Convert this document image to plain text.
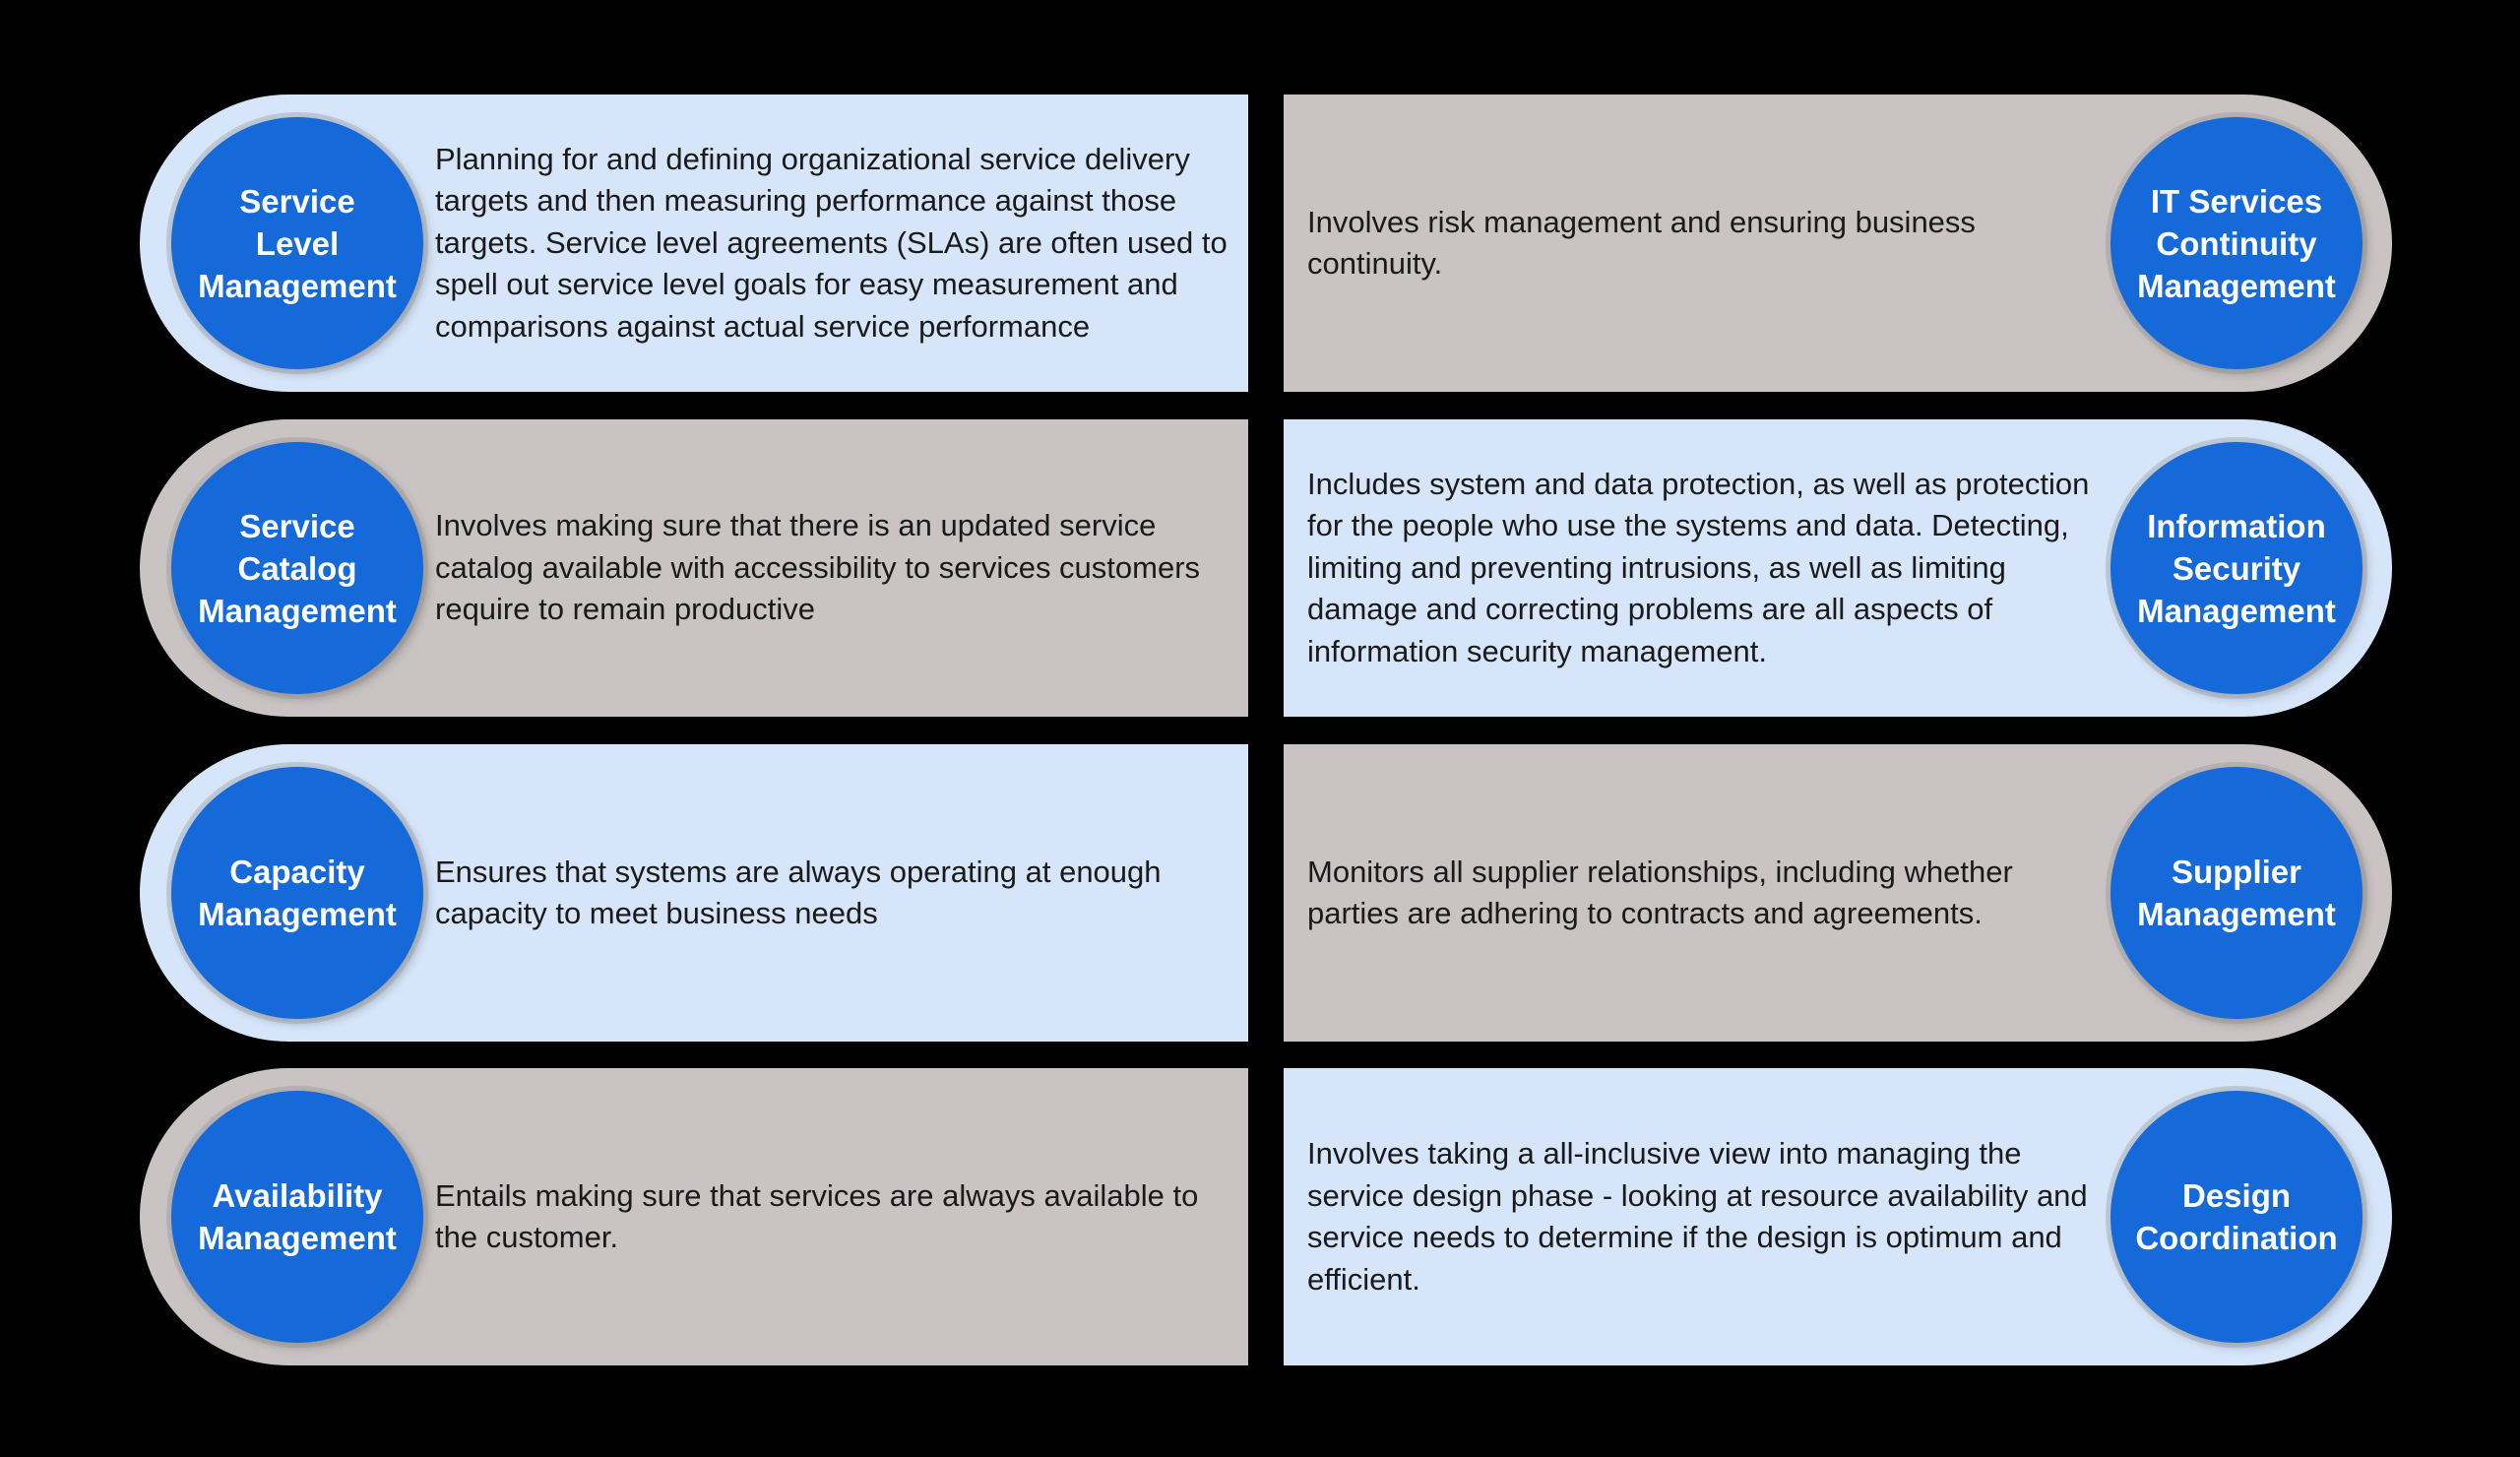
Service
Level
Management
Planning for and defining organizational service delivery targets and then measuring performance against those targets. Service level agreements (SLAs) are often used to spell out service level goals for easy measurement and comparisons against actual service performance
Involves risk management and ensuring business continuity.
IT Services
Continuity
Management
Service
Catalog
Management
Involves making sure that there is an updated service catalog available with accessibility to services customers require to remain productive
Includes system and data protection, as well as protection for the people who use the systems and data. Detecting, limiting and preventing intrusions, as well as limiting damage and correcting problems are all aspects of information security management.
Information
Security
Management
Capacity
Management
Ensures that systems are always operating at enough capacity to meet business needs
Monitors all supplier relationships, including whether parties are adhering to contracts and agreements.
Supplier
Management
Availability
Management
Entails making sure that services are always available to the customer.
Involves taking a all-inclusive view into managing the service design phase - looking at resource availability and service needs to determine if the design is optimum and efficient.
Design
Coordination
